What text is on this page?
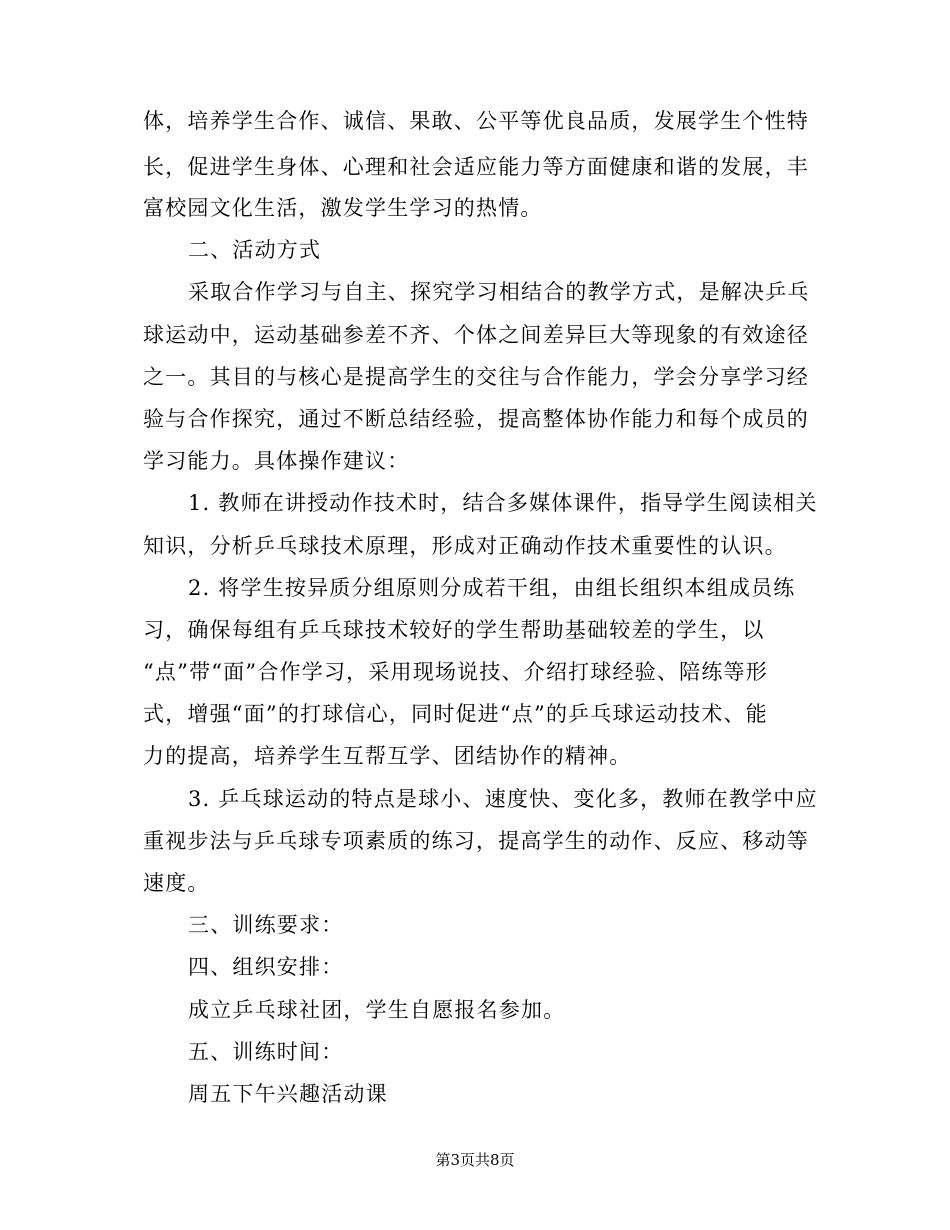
体，培养学生合作、诚信、果敢、公平等优良品质，发展学生个性特
长，促进学生身体、心理和社会适应能力等方面健康和谐的发展，丰
富校园文化生活，激发学生学习的热情。
二、活动方式
采取合作学习与自主、探究学习相结合的教学方式，是解决乒乓
球运动中，运动基础参差不齐、个体之间差异巨大等现象的有效途径
之一。其目的与核心是提高学生的交往与合作能力，学会分享学习经
验与合作探究，通过不断总结经验，提高整体协作能力和每个成员的
学习能力。具体操作建议：
1. 教师在讲授动作技术时，结合多媒体课件，指导学生阅读相关
知识，分析乒乓球技术原理，形成对正确动作技术重要性的认识。
2. 将学生按异质分组原则分成若干组，由组长组织本组成员练
习，确保每组有乒乓球技术较好的学生帮助基础较差的学生，以
“点”带“面”合作学习，采用现场说技、介绍打球经验、陪练等形
式，增强“面”的打球信心，同时促进“点”的乒乓球运动技术、能
力的提高，培养学生互帮互学、团结协作的精神。
3. 乒乓球运动的特点是球小、速度快、变化多，教师在教学中应
重视步法与乒乓球专项素质的练习，提高学生的动作、反应、移动等
速度。
三、训练要求：
四、组织安排：
成立乒乓球社团，学生自愿报名参加。
五、训练时间：
周五下午兴趣活动课
第3页共8页
